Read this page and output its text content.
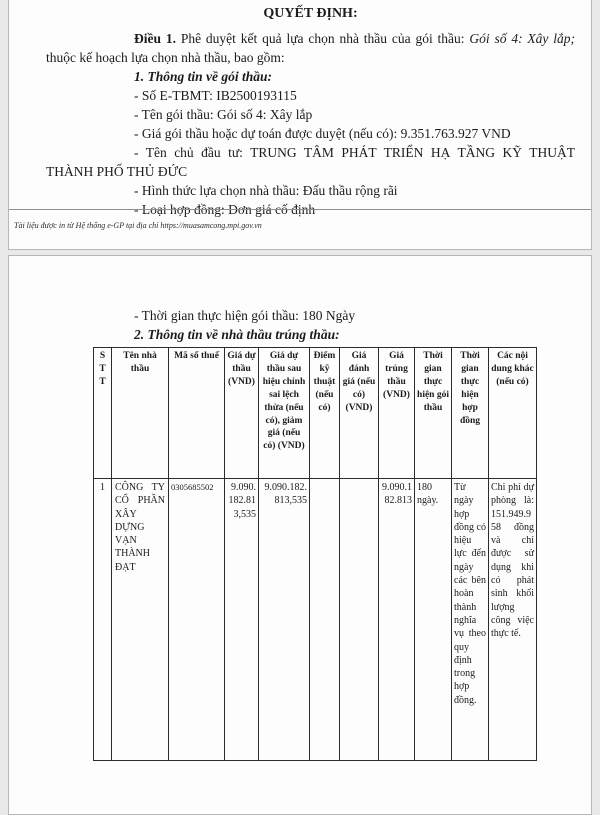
QUYẾT ĐỊNH:

Điều 1. Phê duyệt kết quả lựa chọn nhà thầu của gói thầu: Gói số 4: Xây lắp; thuộc kế hoạch lựa chọn nhà thầu, bao gồm:

1. Thông tin về gói thầu:

- Số E-TBMT: IB2500193115

- Tên gói thầu: Gói số 4: Xây lắp

- Giá gói thầu hoặc dự toán được duyệt (nếu có): 9.351.763.927 VND

- Tên chủ đầu tư: TRUNG TÂM PHÁT TRIỂN HẠ TẦNG KỸ THUẬT THÀNH PHỐ THỦ ĐỨC

- Hình thức lựa chọn nhà thầu: Đấu thầu rộng rãi

- Loại hợp đồng: Đơn giá cố định

Tài liệu được in từ Hệ thống e-GP tại địa chỉ https://muasamcong.mpi.gov.vn

- Thời gian thực hiện gói thầu: 180 Ngày

2. Thông tin về nhà thầu trúng thầu:

STT	Tên nhà thầu	Mã số thuế	Giá dự thầu (VND)	Giá dự thầu sau hiệu chỉnh sai lệch thừa (nếu có), giảm giá (nếu có) (VND)	Điểm kỹ thuật (nếu có)	Giá đánh giá (nếu có) (VND)	Giá trúng thầu (VND)	Thời gian thực hiện gói thầu	Thời gian thực hiện hợp đồng	Các nội dung khác (nếu có)
1	CÔNG TY CỔ PHẦN XÂY DỰNG VẠN THÀNH ĐẠT	0305685502	9.090.182.813,535	9.090.182.813,535			9.090.182.813	180 ngày.	Từ ngày hợp đồng có hiệu lực đến ngày các bên hoàn thành nghĩa vụ theo quy định trong hợp đồng.	Chi phí dự phòng là: 151.949.958 đồng và chỉ được sử dụng khi có phát sinh khối lượng công việc thực tế.
